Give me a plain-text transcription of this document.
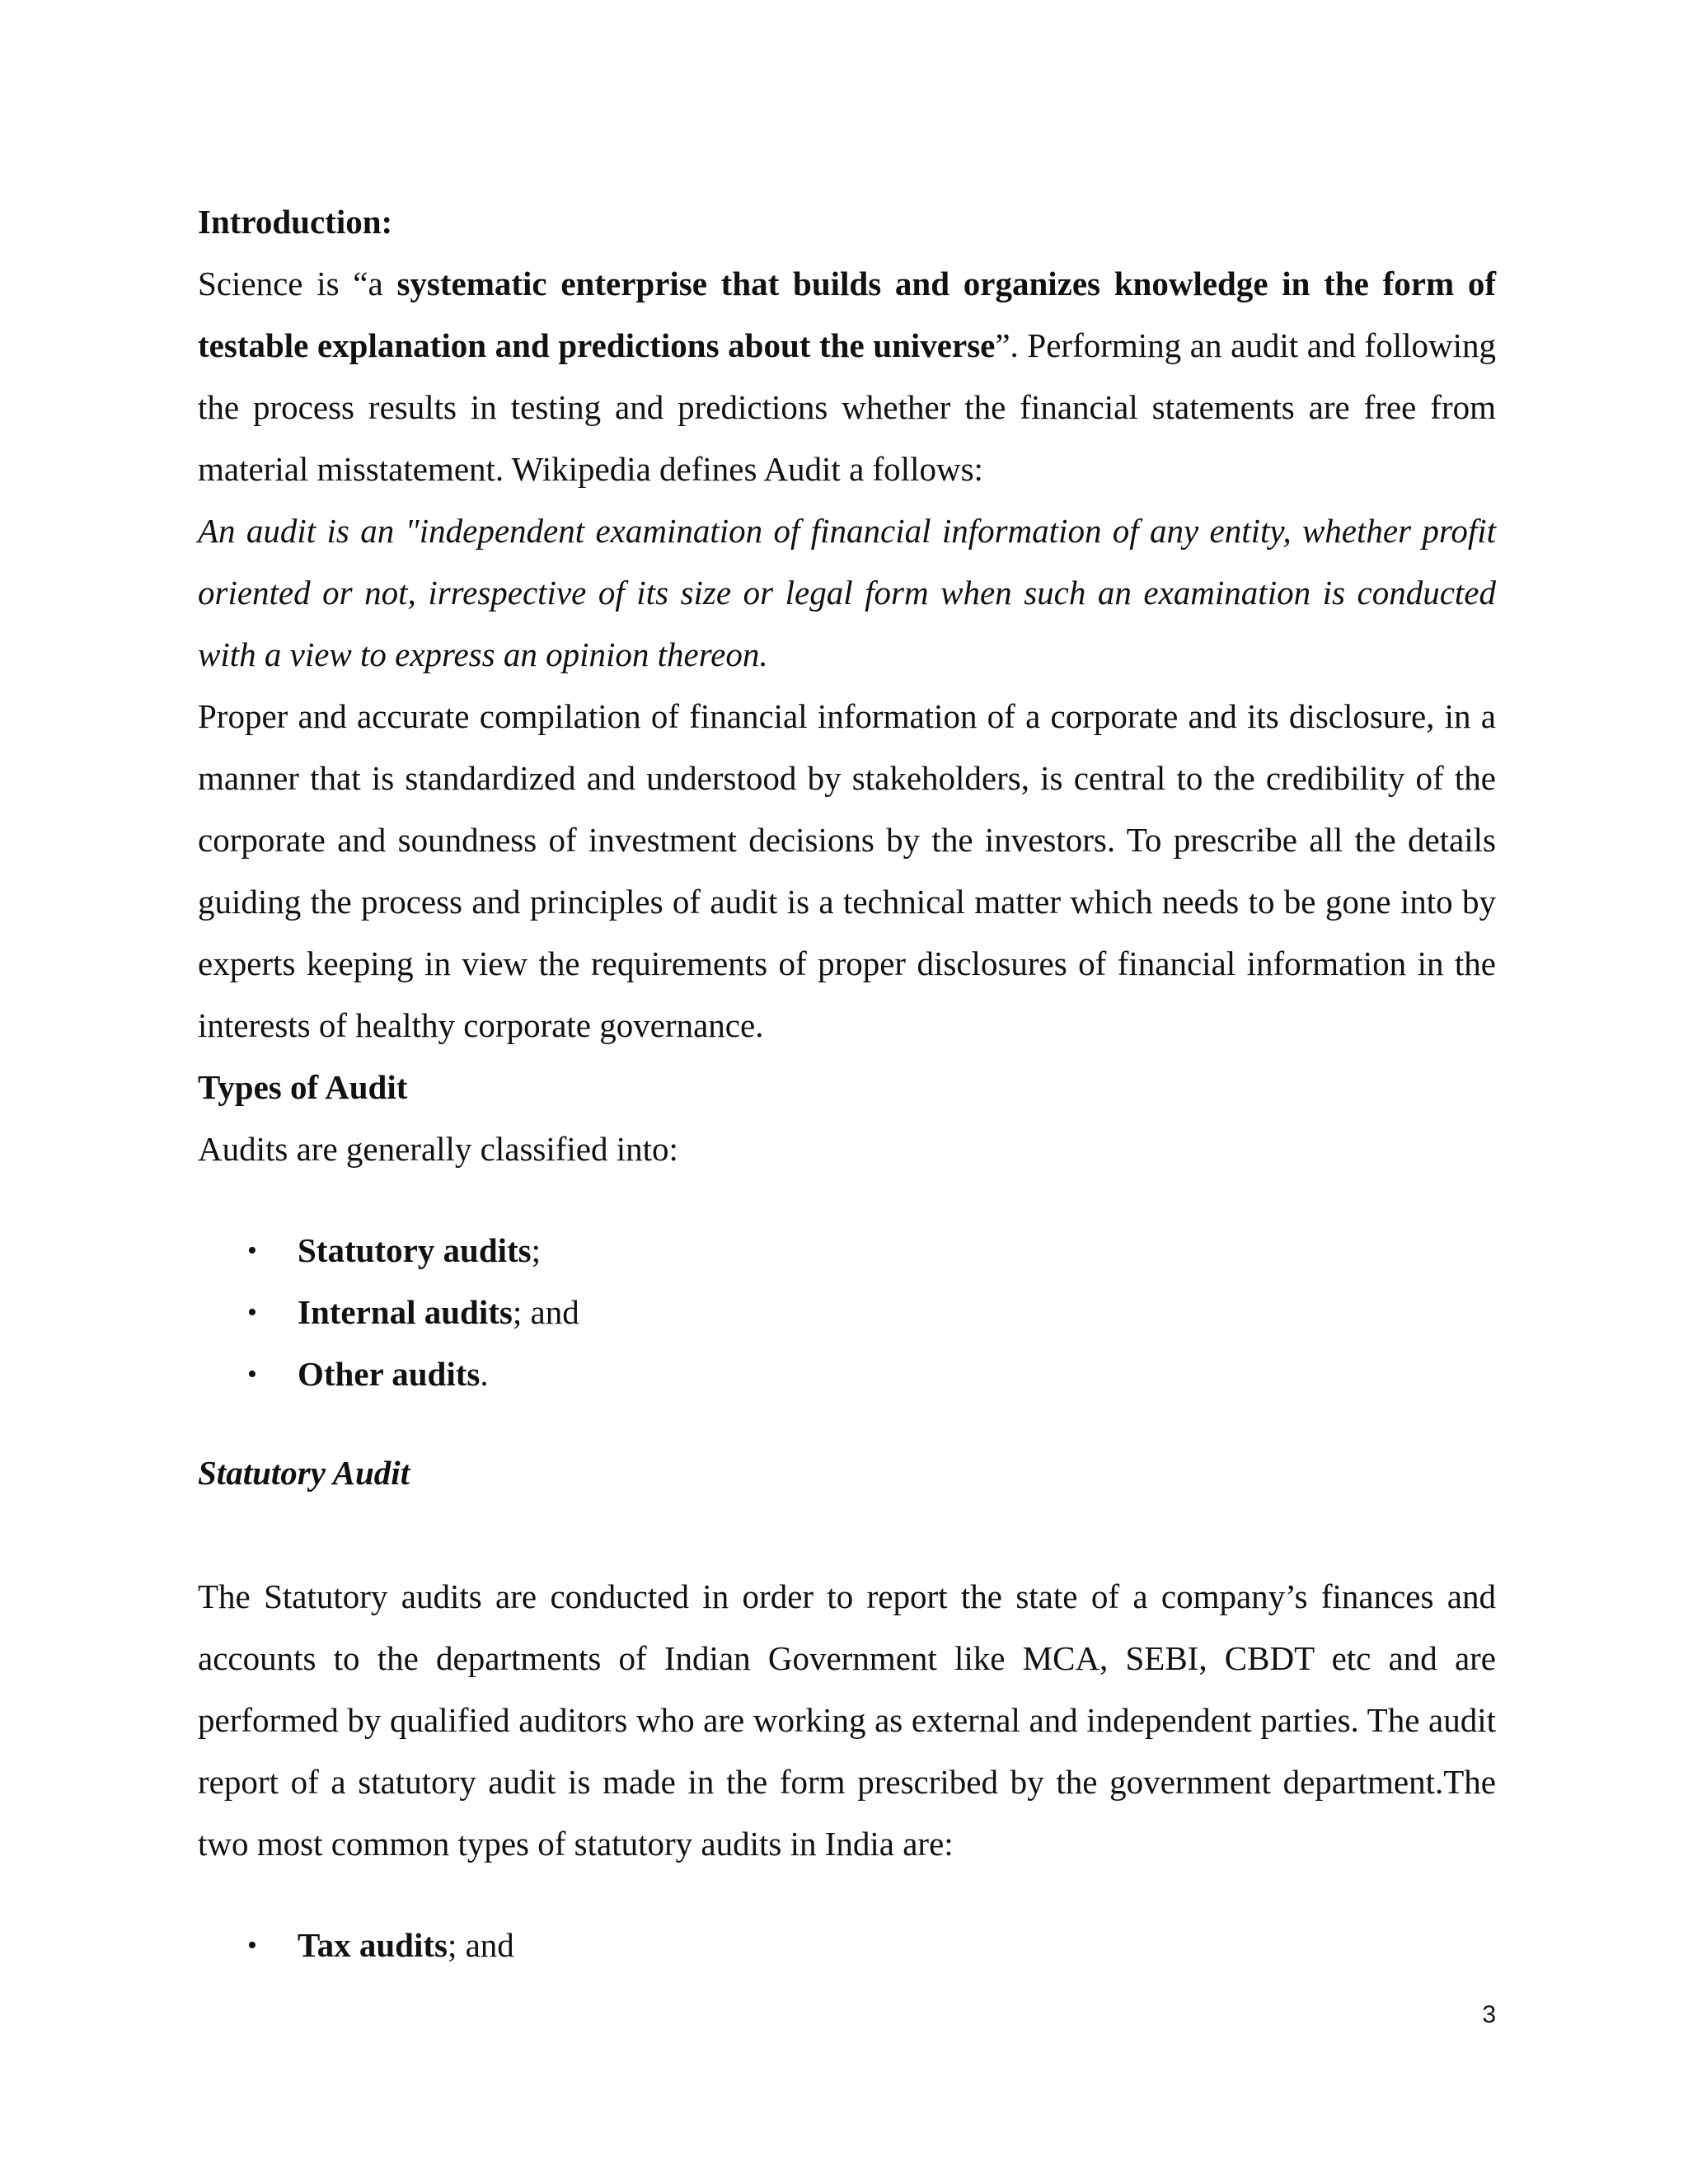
Introduction:

Science is “a systematic enterprise that builds and organizes knowledge in the form of testable explanation and predictions about the universe”. Performing an audit and following the process results in testing and predictions whether the financial statements are free from material misstatement. Wikipedia defines Audit a follows:

An audit is an "independent examination of financial information of any entity, whether profit oriented or not, irrespective of its size or legal form when such an examination is conducted with a view to express an opinion thereon.

Proper and accurate compilation of financial information of a corporate and its disclosure, in a manner that is standardized and understood by stakeholders, is central to the credibility of the corporate and soundness of investment decisions by the investors. To prescribe all the details guiding the process and principles of audit is a technical matter which needs to be gone into by experts keeping in view the requirements of proper disclosures of financial information in the interests of healthy corporate governance.

Types of Audit

Audits are generally classified into:

• Statutory audits;
• Internal audits; and
• Other audits.

Statutory Audit

The Statutory audits are conducted in order to report the state of a company’s finances and accounts to the departments of Indian Government like MCA, SEBI, CBDT etc and are performed by qualified auditors who are working as external and independent parties. The audit report of a statutory audit is made in the form prescribed by the government department.The two most common types of statutory audits in India are:

• Tax audits; and
3
